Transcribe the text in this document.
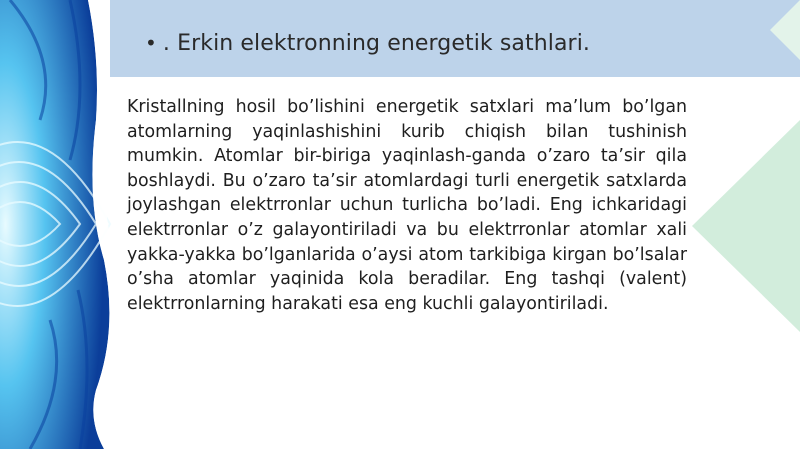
• . Erkin elektronning energetik sathlari.

Kristallning hosil bo’lishini energetik satxlari ma’lum bo’lgan atomlarning yaqinlashishini kurib chiqish bilan tushinish mumkin. Atomlar bir-biriga yaqinlash-ganda o’zaro ta’sir qila boshlaydi. Bu o’zaro ta’sir atomlardagi turli energetik satxlarda joylashgan elektrronlar uchun turlicha bo’ladi. Eng ichkaridagi elektrronlar o’z galayontiriladi va bu elektrronlar atomlar xali yakka-yakka bo’lganlarida o’aysi atom tarkibiga kirgan bo’lsalar o’sha atomlar yaqinida kola beradilar. Eng tashqi (valent) elektrronlarning harakati esa eng kuchli galayontiriladi.
